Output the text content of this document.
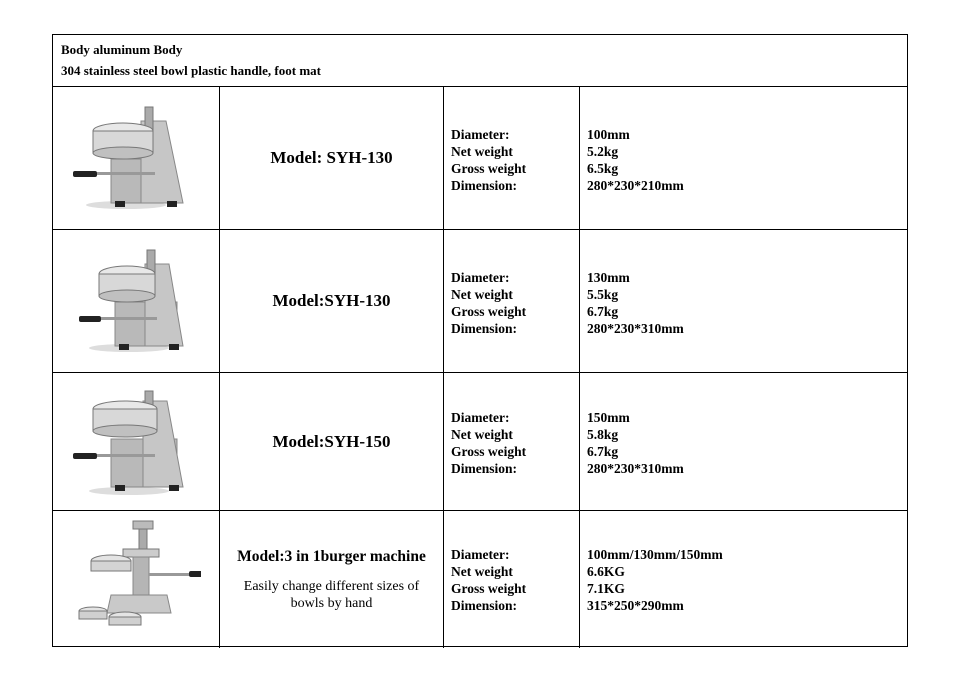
Body aluminum Body
304 stainless steel bowl plastic handle, foot mat
Model: SYH-130
Diameter:
Net weight
Gross weight
Dimension:
100mm
5.2kg
6.5kg
280*230*210mm
Model:SYH-130
Diameter:
Net weight
Gross weight
Dimension:
130mm
5.5kg
6.7kg
280*230*310mm
Model:SYH-150
Diameter:
Net weight
Gross weight
Dimension:
150mm
5.8kg
6.7kg
280*230*310mm
Model:3 in 1burger machine
Easily change different sizes of bowls by hand
Diameter:
Net weight
Gross weight
Dimension:
100mm/130mm/150mm
6.6KG
7.1KG
315*250*290mm
